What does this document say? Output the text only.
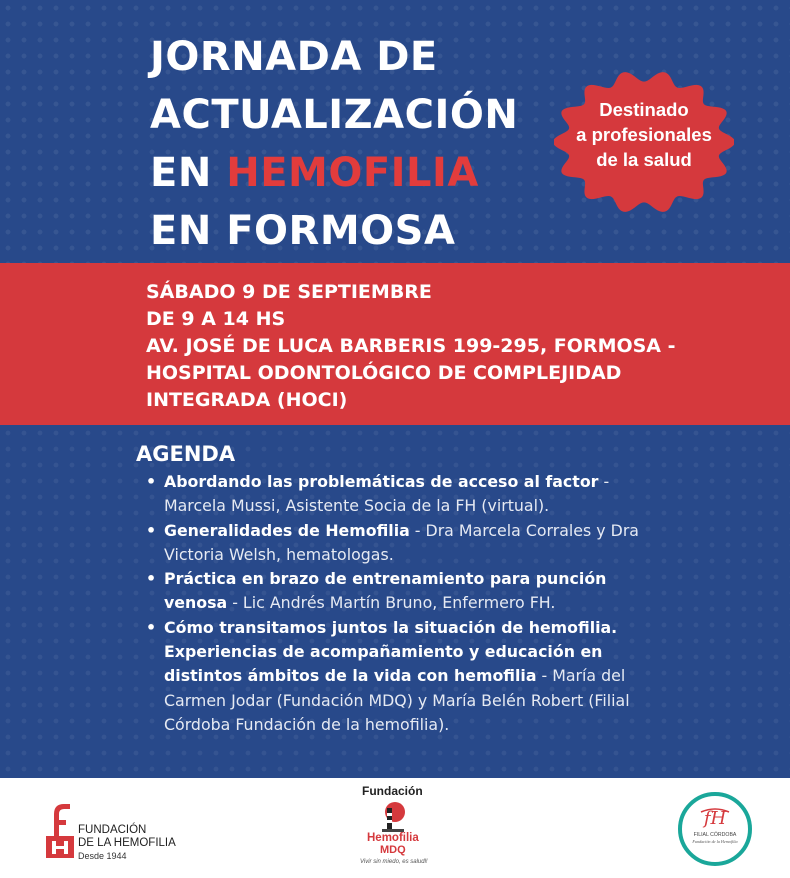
JORNADA DE
ACTUALIZACIÓN
EN HEMOFILIA
EN FORMOSA
Destinado
a profesionales
de la salud
SÁBADO 9 DE SEPTIEMBRE
DE 9 A 14 HS
AV. JOSÉ DE LUCA BARBERIS 199-295, FORMOSA -
HOSPITAL ODONTOLÓGICO DE COMPLEJIDAD
INTEGRADA (HOCI)
AGENDA
• Abordando las problemáticas de acceso al factor - Marcela Mussi, Asistente Socia de la FH (virtual).
• Generalidades de Hemofilia - Dra Marcela Corrales y Dra Victoria Welsh, hematologas.
• Práctica en brazo de entrenamiento para punción venosa - Lic Andrés Martín Bruno, Enfermero FH.
• Cómo transitamos juntos la situación de hemofilia. Experiencias de acompañamiento y educación en distintos ámbitos de la vida con hemofilia - María del Carmen Jodar (Fundación MDQ) y María Belén Robert (Filial Córdoba Fundación de la hemofilia).
FUNDACIÓN
DE LA HEMOFILIA
Desde 1944
Fundación
Hemofilia
MDQ
Vivir sin miedo, es saludl!
fH
FILIAL CÓRDOBA
Fundación de la Hemofilia
